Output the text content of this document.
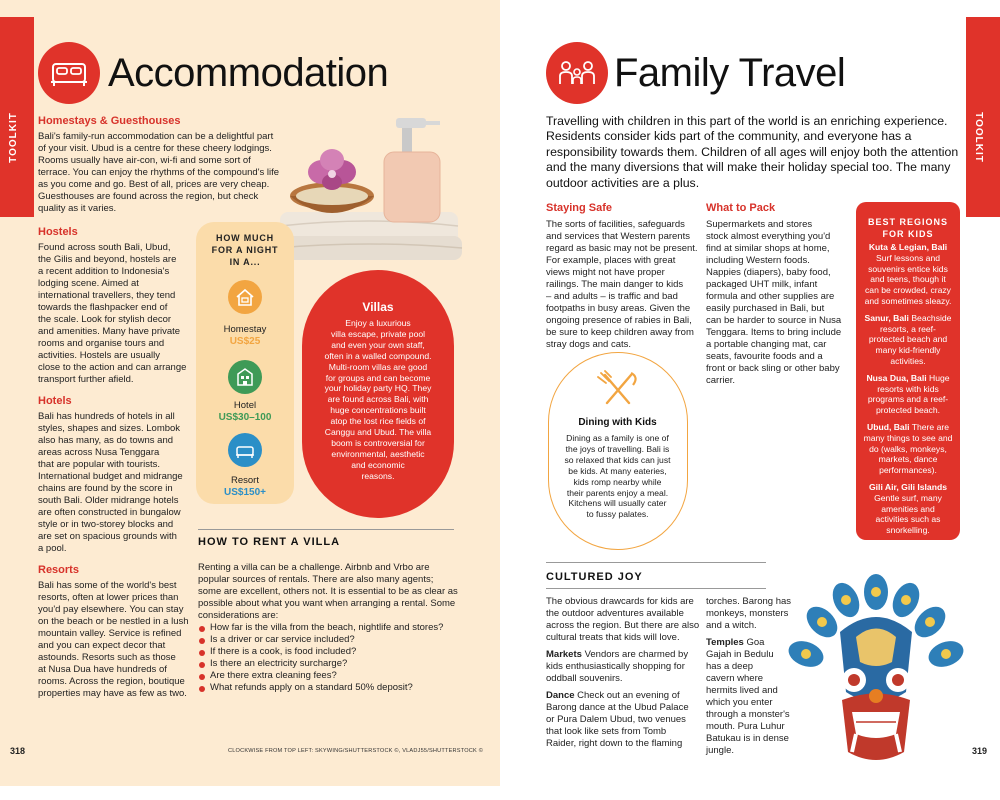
TOOLKIT	TOOLKIT
Accommodation
Homestays & Guesthouses
Bali's family-run accommodation can be a delightful part
of your visit. Ubud is a centre for these cheery lodgings.
Rooms usually have air-con, wi-fi and some sort of
terrace. You can enjoy the rhythms of the compound's life
as you come and go. Best of all, prices are very cheap.
Guesthouses are found across the region, but check
quality as it varies.
Hostels
Found across south Bali, Ubud,
the Gilis and beyond, hostels are
a recent addition to Indonesia's
lodging scene. Aimed at
international travellers, they tend
towards the flashpacker end of
the scale. Look for stylish decor
and amenities. Many have private
rooms and organise tours and
activities. Hostels are usually
close to the action and can arrange
transport further afield.
Hotels
Bali has hundreds of hotels in all
styles, shapes and sizes. Lombok
also has many, as do towns and
areas across Nusa Tenggara
that are popular with tourists.
International budget and midrange
chains are found by the score in
south Bali. Older midrange hotels
are often constructed in bungalow
style or in two-storey blocks and
are set on spacious grounds with
a pool.
Resorts
Bali has some of the world's best
resorts, often at lower prices than
you'd pay elsewhere. You can stay
on the beach or be nestled in a lush
mountain valley. Service is refined
and you can expect decor that
astounds. Resorts such as those
at Nusa Dua have hundreds of
rooms. Across the region, boutique
properties may have as few as two.
HOW MUCH FOR A NIGHT IN A...
Homestay
US$25
Hotel
US$30–100
Resort
US$150+
Villas
Enjoy a luxurious
villa escape, private pool
and even your own staff,
often in a walled compound.
Multi-room villas are good
for groups and can become
your holiday party HQ. They
are found across Bali, with
huge concentrations built
atop the lost rice fields of
Canggu and Ubud. The villa
boom is controversial for
environmental, aesthetic
and economic
reasons.
HOW TO RENT A VILLA
Renting a villa can be a challenge. Airbnb and Vrbo are
popular sources of rentals. There are also many agents;
some are excellent, others not. It is essential to be as clear as
possible about what you want when arranging a rental. Some
considerations are:
How far is the villa from the beach, nightlife and stores?
Is a driver or car service included?
If there is a cook, is food included?
Is there an electricity surcharge?
Are there extra cleaning fees?
What refunds apply on a standard 50% deposit?
318	CLOCKWISE FROM TOP LEFT: SKYWING/SHUTTERSTOCK ©, VLADJ55/SHUTTERSTOCK ©
Family Travel
Travelling with children in this part of the world is an enriching experience.
Residents consider kids part of the community, and everyone has a
responsibility towards them. Children of all ages will enjoy both the attention
and the many diversions that will make their holiday special too. The many
outdoor activities are a plus.
Staying Safe
The sorts of facilities, safeguards
and services that Western parents
regard as basic may not be present.
For example, places with great
views might not have proper
railings. The main danger to kids
– and adults – is traffic and bad
footpaths in busy areas. Given the
ongoing presence of rabies in Bali,
be sure to keep children away from
stray dogs and cats.
What to Pack
Supermarkets and stores
stock almost everything you'd
find at similar shops at home,
including Western foods.
Nappies (diapers), baby food,
packaged UHT milk, infant
formula and other supplies are
easily purchased in Bali, but
can be harder to source in Nusa
Tenggara. Items to bring include
a portable changing mat, car
seats, favourite foods and a
front or back sling or other baby
carrier.
Dining with Kids
Dining as a family is one of
the joys of travelling. Bali is
so relaxed that kids can just
be kids. At many eateries,
kids romp nearby while
their parents enjoy a meal.
Kitchens will usually cater
to fussy palates.
BEST REGIONS FOR KIDS
Kuta & Legian, Bali
Surf lessons and
souvenirs entice kids
and teens, though it
can be crowded, crazy
and sometimes sleazy.
Sanur, Bali Beachside
resorts, a reef-
protected beach and
many kid-friendly
activities.
Nusa Dua, Bali Huge
resorts with kids
programs and a reef-
protected beach.
Ubud, Bali There are
many things to see and
do (walks, monkeys,
markets, dance
performances).
Gili Air, Gili Islands
Gentle surf, many
amenities and
activities such as
snorkelling.
CULTURED JOY
The obvious drawcards for kids are
the outdoor adventures available
across the region. But there are also
cultural treats that kids will love.
Markets Vendors are charmed by
kids enthusiastically shopping for
oddball souvenirs.
Dance Check out an evening of
Barong dance at the Ubud Palace
or Pura Dalem Ubud, two venues
that look like sets from Tomb
Raider, right down to the flaming
torches. Barong has
monkeys, monsters
and a witch.
Temples Goa
Gajah in Bedulu
has a deep
cavern where
hermits lived and
which you enter
through a monster's
mouth. Pura Luhur
Batukau is in dense
jungle.	319
